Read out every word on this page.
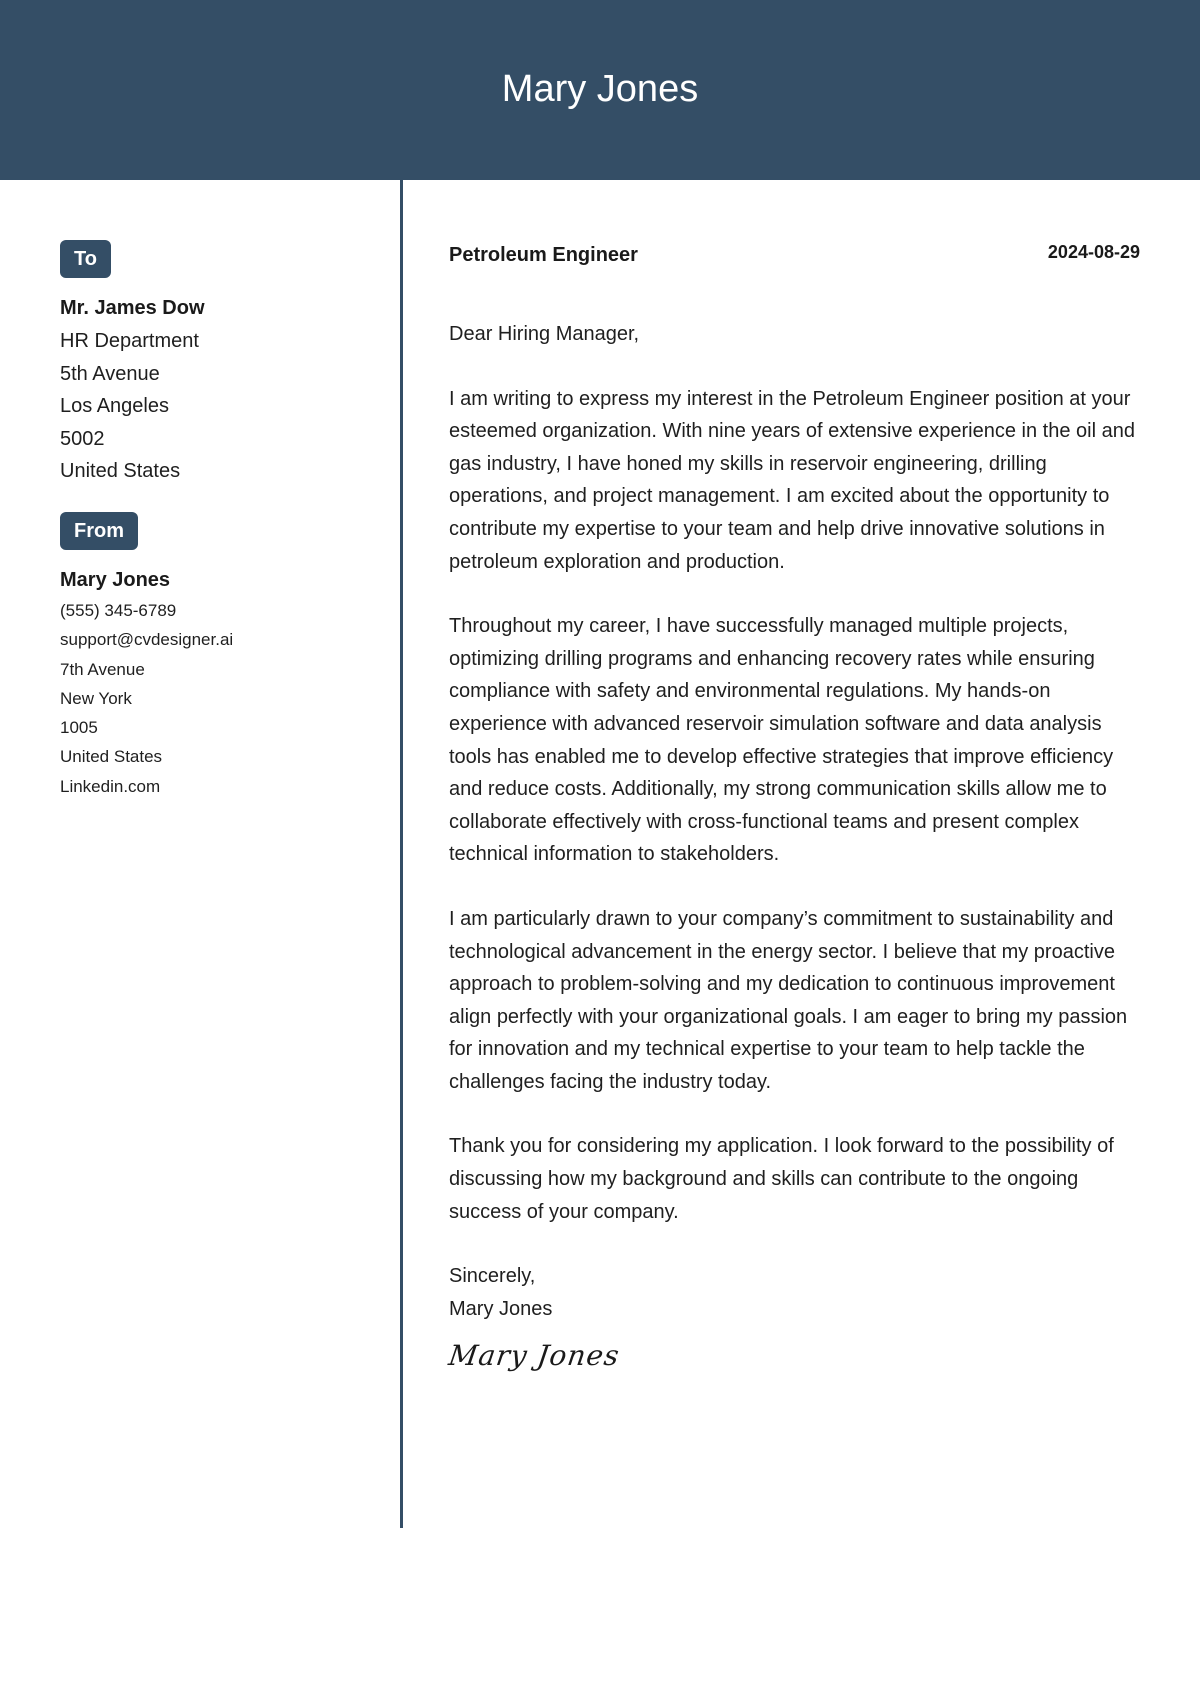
Mary Jones
To
Mr. James Dow
HR Department
5th Avenue
Los Angeles
5002
United States
From
Mary Jones
(555) 345-6789
support@cvdesigner.ai
7th Avenue
New York
1005
United States
Linkedin.com
Petroleum Engineer	2024-08-29
Dear Hiring Manager,
I am writing to express my interest in the Petroleum Engineer position at your esteemed organization. With nine years of extensive experience in the oil and gas industry, I have honed my skills in reservoir engineering, drilling operations, and project management. I am excited about the opportunity to contribute my expertise to your team and help drive innovative solutions in petroleum exploration and production.
Throughout my career, I have successfully managed multiple projects, optimizing drilling programs and enhancing recovery rates while ensuring compliance with safety and environmental regulations. My hands-on experience with advanced reservoir simulation software and data analysis tools has enabled me to develop effective strategies that improve efficiency and reduce costs. Additionally, my strong communication skills allow me to collaborate effectively with cross-functional teams and present complex technical information to stakeholders.
I am particularly drawn to your company’s commitment to sustainability and technological advancement in the energy sector. I believe that my proactive approach to problem-solving and my dedication to continuous improvement align perfectly with your organizational goals. I am eager to bring my passion for innovation and my technical expertise to your team to help tackle the challenges facing the industry today.
Thank you for considering my application. I look forward to the possibility of discussing how my background and skills can contribute to the ongoing success of your company.
Sincerely,
Mary Jones
Mary Jones
